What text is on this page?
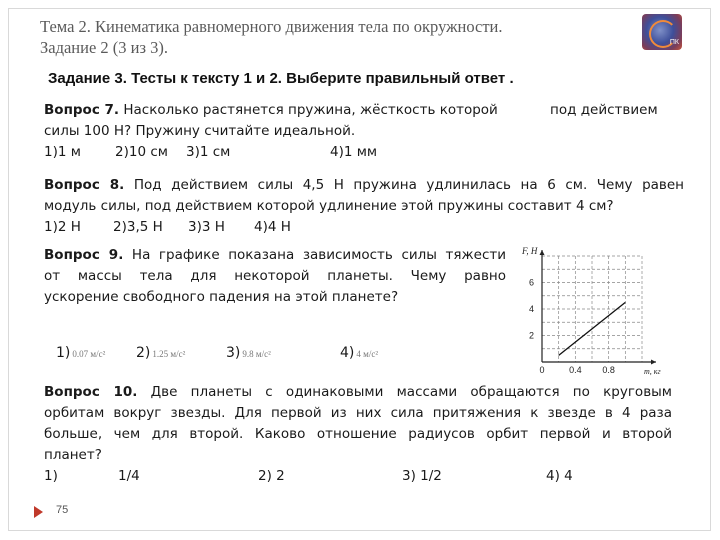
Тема 2. Кинематика равномерного движения тела по окружности.
Задание 2 (3 из 3).	ПК
Задание 3. Тесты к тексту 1 и 2. Выберите правильный ответ .
Вопрос 7. Насколько растянется пружина, жёсткость которой	под действием
силы 100 Н? Пружину считайте идеальной.
1)1 м	2)10 см 3)1 см	4)1 мм
Вопрос 8. Под действием силы 4,5 Н пружина удлинилась на 6 см. Чему равен
модуль силы, под действием которой удлинение этой пружины составит 4 см?
1)2 Н 2)3,5 Н 3)3 Н 4)4 Н
Вопрос 9. На графике показана зависимость силы тяжести
от массы тела для некоторой планеты. Чему равно
ускорение свободного падения на этой планете?
1) 0.07 м/с² 2) 1.25 м/с²	3) 9.8 м/с²	4) 4 м/с²
0	0.4 0.8
2
4
6
F, Н
m, кг
Вопрос 10. Две планеты с одинаковыми массами обращаются по круговым
орбитам вокруг звезды. Для первой из них сила притяжения к звезде в 4 раза
больше, чем для второй. Каково отношение радиусов орбит первой и второй
планет?
1)	1/4	2) 2	3) 1/2	4) 4
75
